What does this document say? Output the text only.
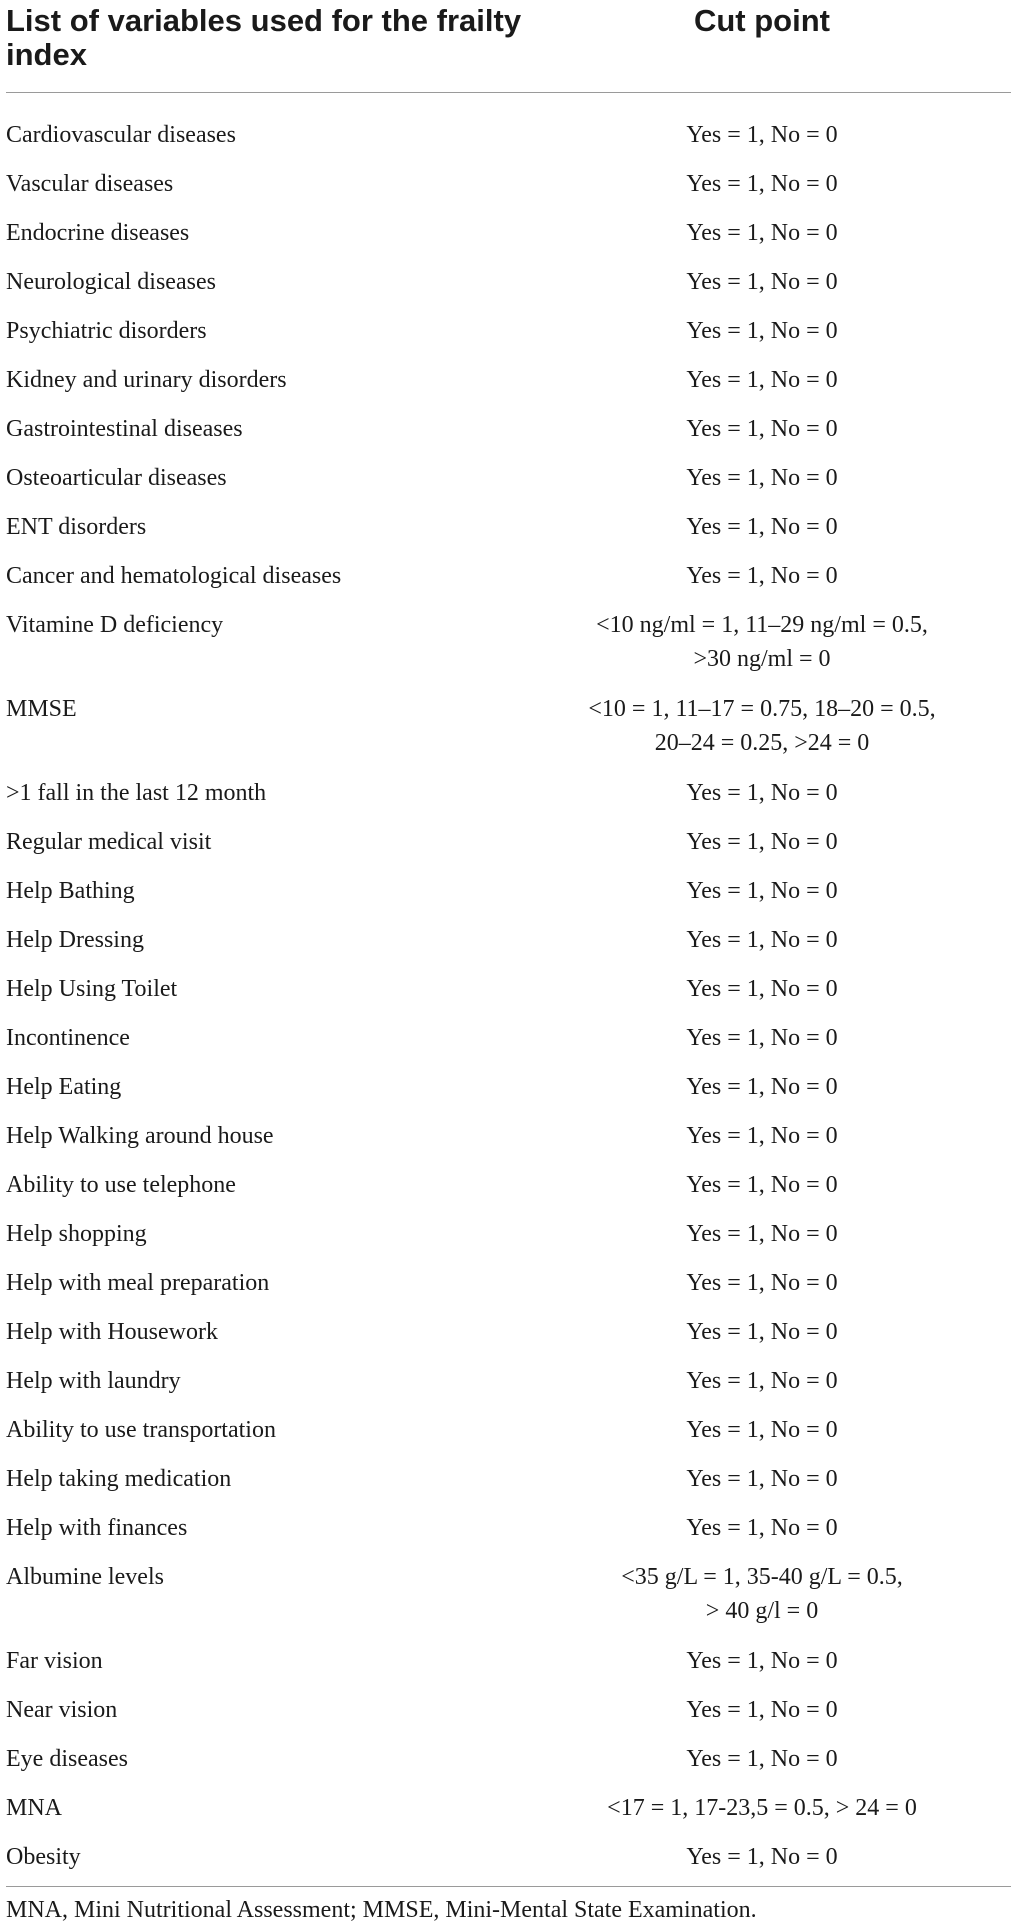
List of variables used for the frailty index
Cut point
Cardiovascular diseases	Yes = 1, No = 0
Vascular diseases	Yes = 1, No = 0
Endocrine diseases	Yes = 1, No = 0
Neurological diseases	Yes = 1, No = 0
Psychiatric disorders	Yes = 1, No = 0
Kidney and urinary disorders	Yes = 1, No = 0
Gastrointestinal diseases	Yes = 1, No = 0
Osteoarticular diseases	Yes = 1, No = 0
ENT disorders	Yes = 1, No = 0
Cancer and hematological diseases	Yes = 1, No = 0
Vitamine D deficiency	<10 ng/ml = 1, 11–29 ng/ml = 0.5,
>30 ng/ml = 0
MMSE	<10 = 1, 11–17 = 0.75, 18–20 = 0.5,
20–24 = 0.25, >24 = 0
>1 fall in the last 12 month	Yes = 1, No = 0
Regular medical visit	Yes = 1, No = 0
Help Bathing	Yes = 1, No = 0
Help Dressing	Yes = 1, No = 0
Help Using Toilet	Yes = 1, No = 0
Incontinence	Yes = 1, No = 0
Help Eating	Yes = 1, No = 0
Help Walking around house	Yes = 1, No = 0
Ability to use telephone	Yes = 1, No = 0
Help shopping	Yes = 1, No = 0
Help with meal preparation	Yes = 1, No = 0
Help with Housework	Yes = 1, No = 0
Help with laundry	Yes = 1, No = 0
Ability to use transportation	Yes = 1, No = 0
Help taking medication	Yes = 1, No = 0
Help with finances	Yes = 1, No = 0
Albumine levels	<35 g/L = 1, 35-40 g/L = 0.5,
> 40 g/l = 0
Far vision	Yes = 1, No = 0
Near vision	Yes = 1, No = 0
Eye diseases	Yes = 1, No = 0
MNA	<17 = 1, 17-23,5 = 0.5, > 24 = 0
Obesity	Yes = 1, No = 0
MNA, Mini Nutritional Assessment; MMSE, Mini-Mental State Examination.
